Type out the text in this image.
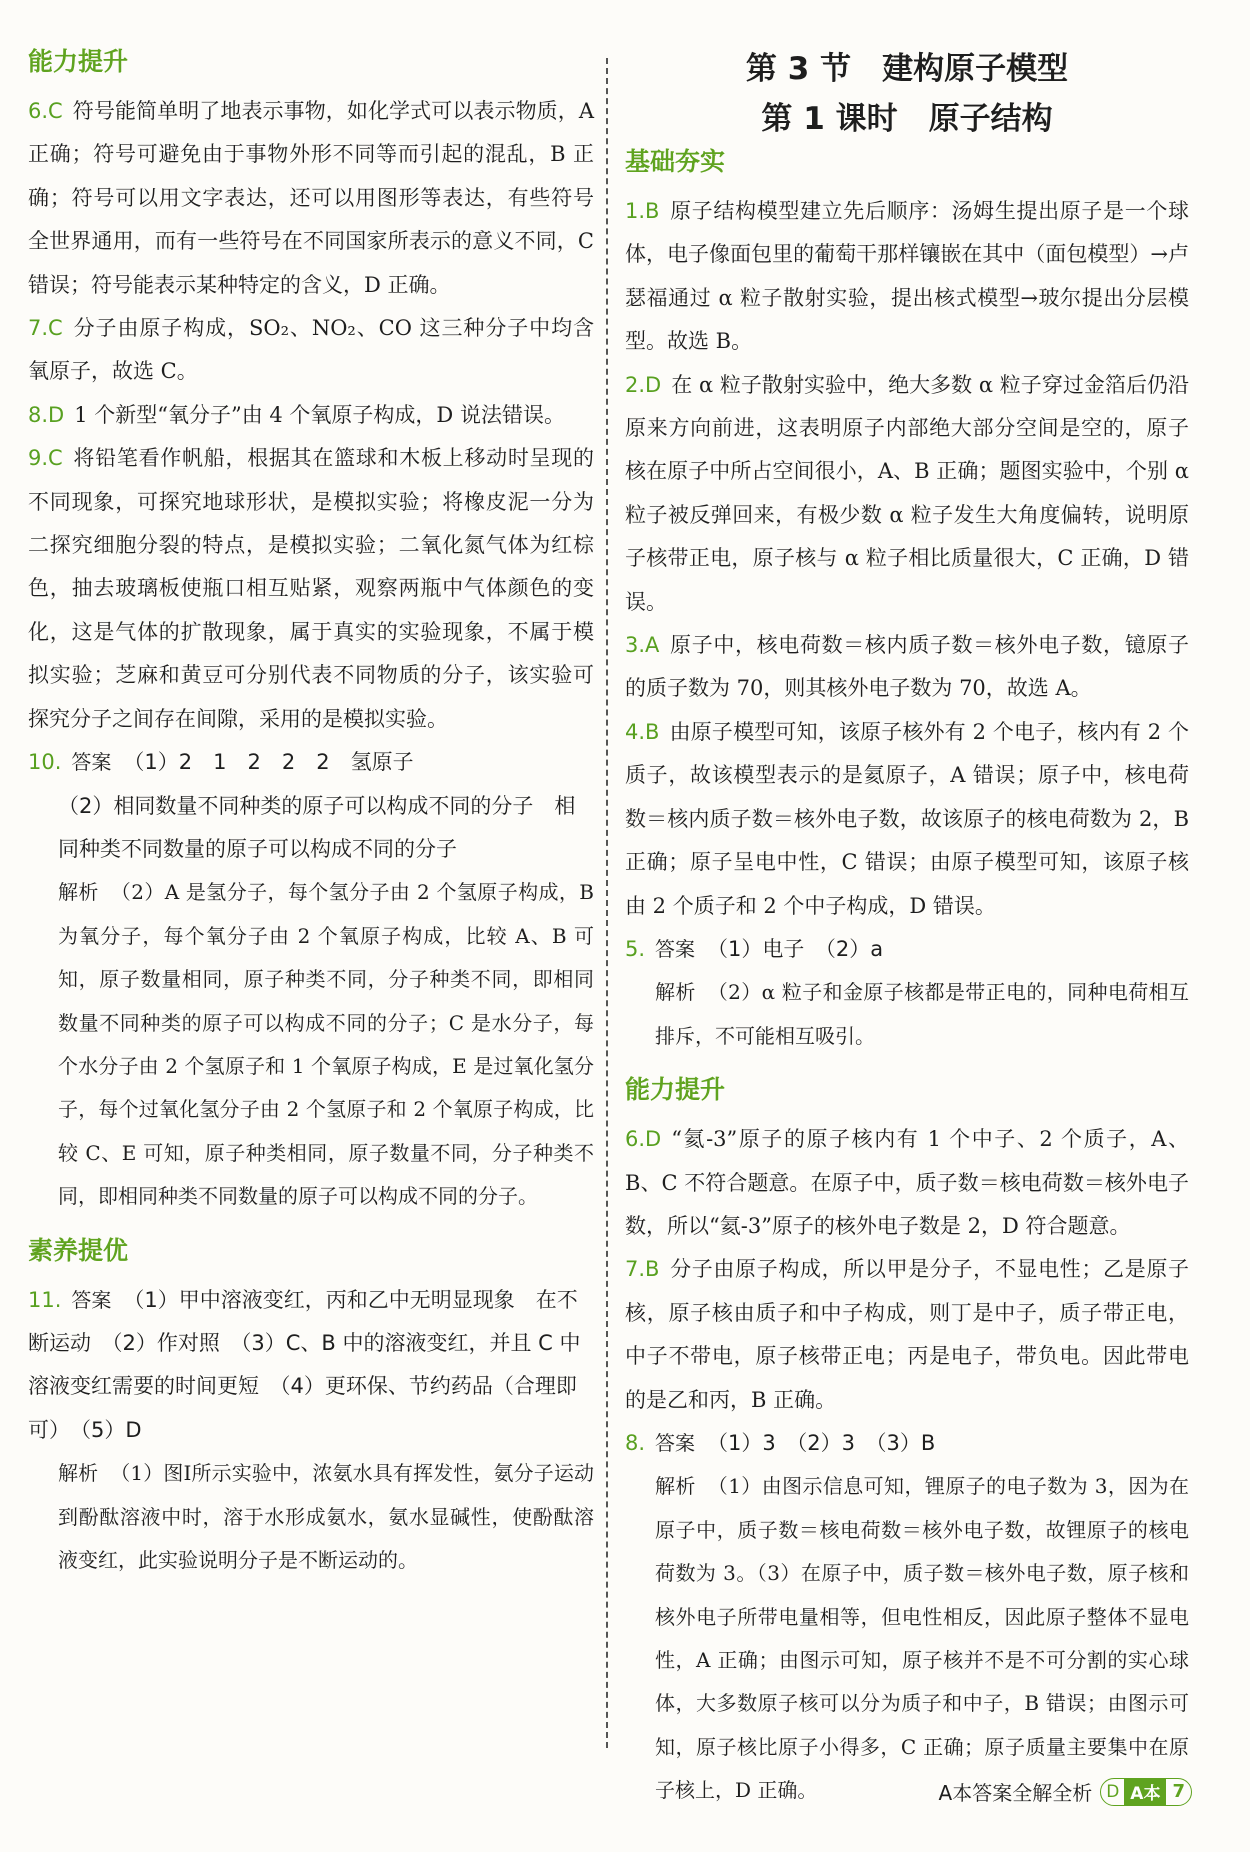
能力提升
6.C 符号能简单明了地表示事物，如化学式可以表示物质，A 正确；符号可避免由于事物外形不同等而引起的混乱，B 正确；符号可以用文字表达，还可以用图形等表达，有些符号全世界通用，而有一些符号在不同国家所表示的意义不同，C 错误；符号能表示某种特定的含义，D 正确。
7.C 分子由原子构成，SO₂、NO₂、CO 这三种分子中均含氧原子，故选 C。
8.D 1 个新型“氧分子”由 4 个氧原子构成，D 说法错误。
9.C 将铅笔看作帆船，根据其在篮球和木板上移动时呈现的不同现象，可探究地球形状，是模拟实验；将橡皮泥一分为二探究细胞分裂的特点，是模拟实验；二氧化氮气体为红棕色，抽去玻璃板使瓶口相互贴紧，观察两瓶中气体颜色的变化，这是气体的扩散现象，属于真实的实验现象，不属于模拟实验；芝麻和黄豆可分别代表不同物质的分子，该实验可探究分子之间存在间隙，采用的是模拟实验。
10. 答案 （1）2　1　2　2　2　氢原子
（2）相同数量不同种类的原子可以构成不同的分子　相同种类不同数量的原子可以构成不同的分子
解析 （2）A 是氢分子，每个氢分子由 2 个氢原子构成，B 为氧分子，每个氧分子由 2 个氧原子构成，比较 A、B 可知，原子数量相同，原子种类不同，分子种类不同，即相同数量不同种类的原子可以构成不同的分子；C 是水分子，每个水分子由 2 个氢原子和 1 个氧原子构成，E 是过氧化氢分子，每个过氧化氢分子由 2 个氢原子和 2 个氧原子构成，比较 C、E 可知，原子种类相同，原子数量不同，分子种类不同，即相同种类不同数量的原子可以构成不同的分子。
素养提优
11. 答案 （1）甲中溶液变红，丙和乙中无明显现象　在不断运动　（2）作对照　（3）C、B 中的溶液变红，并且 C 中溶液变红需要的时间更短　（4）更环保、节约药品（合理即可）　（5）D
解析 （1）图Ⅰ所示实验中，浓氨水具有挥发性，氨分子运动到酚酞溶液中时，溶于水形成氨水，氨水显碱性，使酚酞溶液变红，此实验说明分子是不断运动的。
第 3 节　建构原子模型
第 1 课时　原子结构
基础夯实
1.B 原子结构模型建立先后顺序：汤姆生提出原子是一个球体，电子像面包里的葡萄干那样镶嵌在其中（面包模型）→卢瑟福通过 α 粒子散射实验，提出核式模型→玻尔提出分层模型。故选 B。
2.D 在 α 粒子散射实验中，绝大多数 α 粒子穿过金箔后仍沿原来方向前进，这表明原子内部绝大部分空间是空的，原子核在原子中所占空间很小，A、B 正确；题图实验中，个别 α 粒子被反弹回来，有极少数 α 粒子发生大角度偏转，说明原子核带正电，原子核与 α 粒子相比质量很大，C 正确，D 错误。
3.A 原子中，核电荷数＝核内质子数＝核外电子数，镱原子的质子数为 70，则其核外电子数为 70，故选 A。
4.B 由原子模型可知，该原子核外有 2 个电子，核内有 2 个质子，故该模型表示的是氦原子，A 错误；原子中，核电荷数＝核内质子数＝核外电子数，故该原子的核电荷数为 2，B 正确；原子呈电中性，C 错误；由原子模型可知，该原子核由 2 个质子和 2 个中子构成，D 错误。
5. 答案 （1）电子　（2）a
解析 （2）α 粒子和金原子核都是带正电的，同种电荷相互排斥，不可能相互吸引。
能力提升
6.D “氦-3”原子的原子核内有 1 个中子、2 个质子，A、B、C 不符合题意。在原子中，质子数＝核电荷数＝核外电子数，所以“氦-3”原子的核外电子数是 2，D 符合题意。
7.B 分子由原子构成，所以甲是分子，不显电性；乙是原子核，原子核由质子和中子构成，则丁是中子，质子带正电，中子不带电，原子核带正电；丙是电子，带负电。因此带电的是乙和丙，B 正确。
8. 答案 （1）3　（2）3　（3）B
解析 （1）由图示信息可知，锂原子的电子数为 3，因为在原子中，质子数＝核电荷数＝核外电子数，故锂原子的核电荷数为 3。（3）在原子中，质子数＝核外电子数，原子核和核外电子所带电量相等，但电性相反，因此原子整体不显电性，A 正确；由图示可知，原子核并不是不可分割的实心球体，大多数原子核可以分为质子和中子，B 错误；由图示可知，原子核比原子小得多，C 正确；原子质量主要集中在原子核上，D 正确。	A本答案全解全析 D A本 7
